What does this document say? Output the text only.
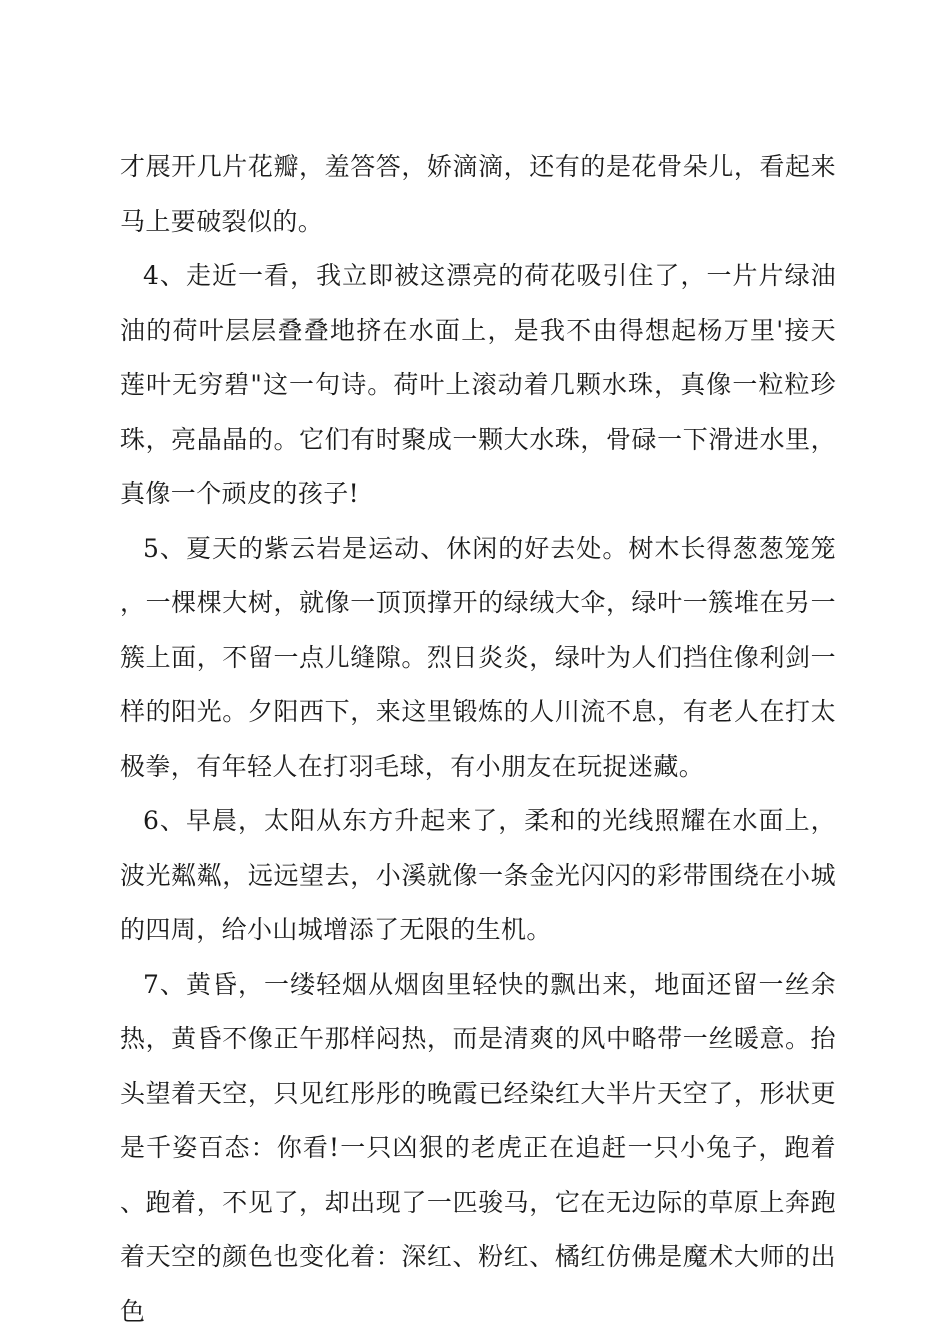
才展开几片花瓣，羞答答，娇滴滴，还有的是花骨朵儿，看起来马上要破裂似的。

4、走近一看，我立即被这漂亮的荷花吸引住了，一片片绿油油的荷叶层层叠叠地挤在水面上，是我不由得想起杨万里'接天莲叶无穷碧"这一句诗。荷叶上滚动着几颗水珠，真像一粒粒珍珠，亮晶晶的。它们有时聚成一颗大水珠，骨碌一下滑进水里，真像一个顽皮的孩子!

5、夏天的紫云岩是运动、休闲的好去处。树木长得葱葱笼笼，一棵棵大树，就像一顶顶撑开的绿绒大伞，绿叶一簇堆在另一簇上面，不留一点儿缝隙。烈日炎炎，绿叶为人们挡住像利剑一样的阳光。夕阳西下，来这里锻炼的人川流不息，有老人在打太极拳，有年轻人在打羽毛球，有小朋友在玩捉迷藏。

6、早晨，太阳从东方升起来了，柔和的光线照耀在水面上，波光粼粼，远远望去，小溪就像一条金光闪闪的彩带围绕在小城的四周，给小山城增添了无限的生机。

7、黄昏，一缕轻烟从烟囱里轻快的飘出来，地面还留一丝余热，黄昏不像正午那样闷热，而是清爽的风中略带一丝暖意。抬头望着天空，只见红彤彤的晚霞已经染红大半片天空了，形状更是千姿百态：你看!一只凶狠的老虎正在追赶一只小兔子，跑着、跑着，不见了，却出现了一匹骏马，它在无边际的草原上奔跑着天空的颜色也变化着：深红、粉红、橘红仿佛是魔术大师的出色
